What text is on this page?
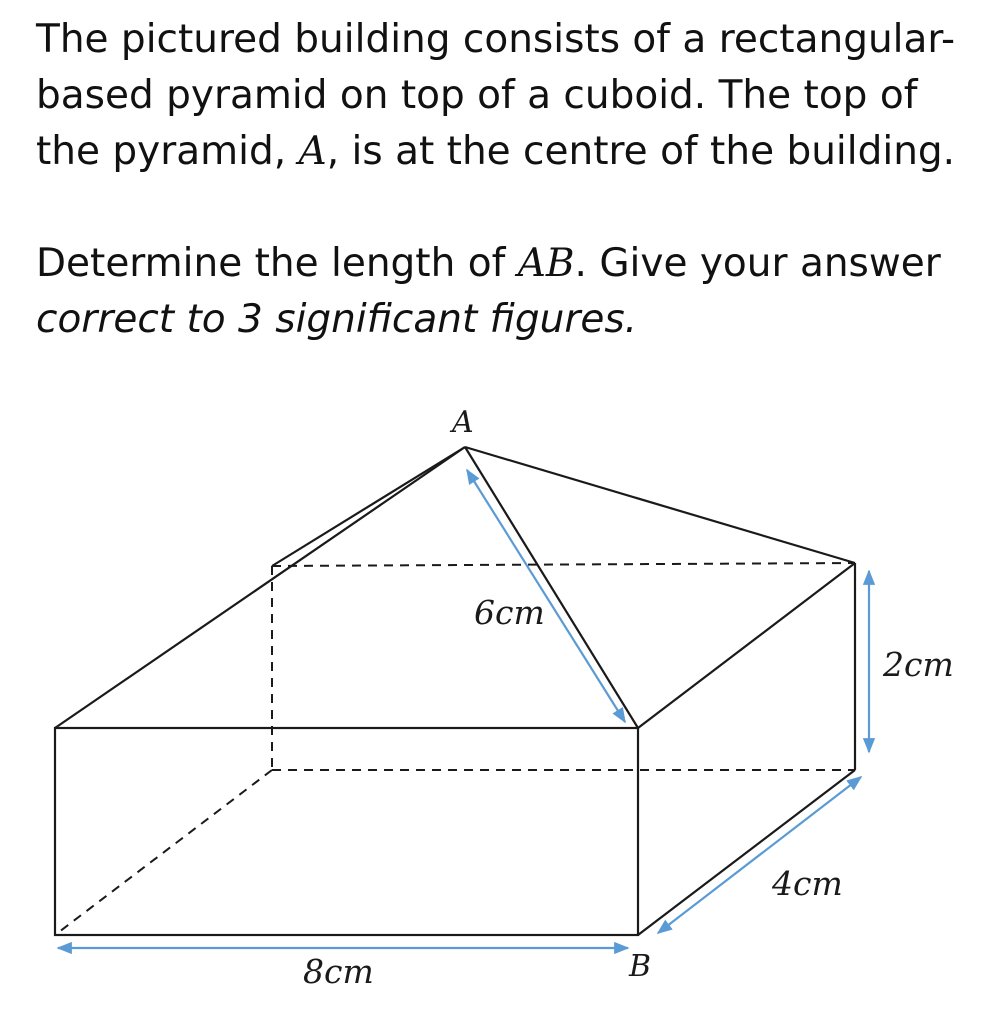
The pictured building consists of a rectangular-

based pyramid on top of a cuboid. The top of

the pyramid, A, is at the centre of the building.

Determine the length of AB. Give your answer

correct to 3 significant figures.

A
B
6cm
2cm
4cm
8cm
